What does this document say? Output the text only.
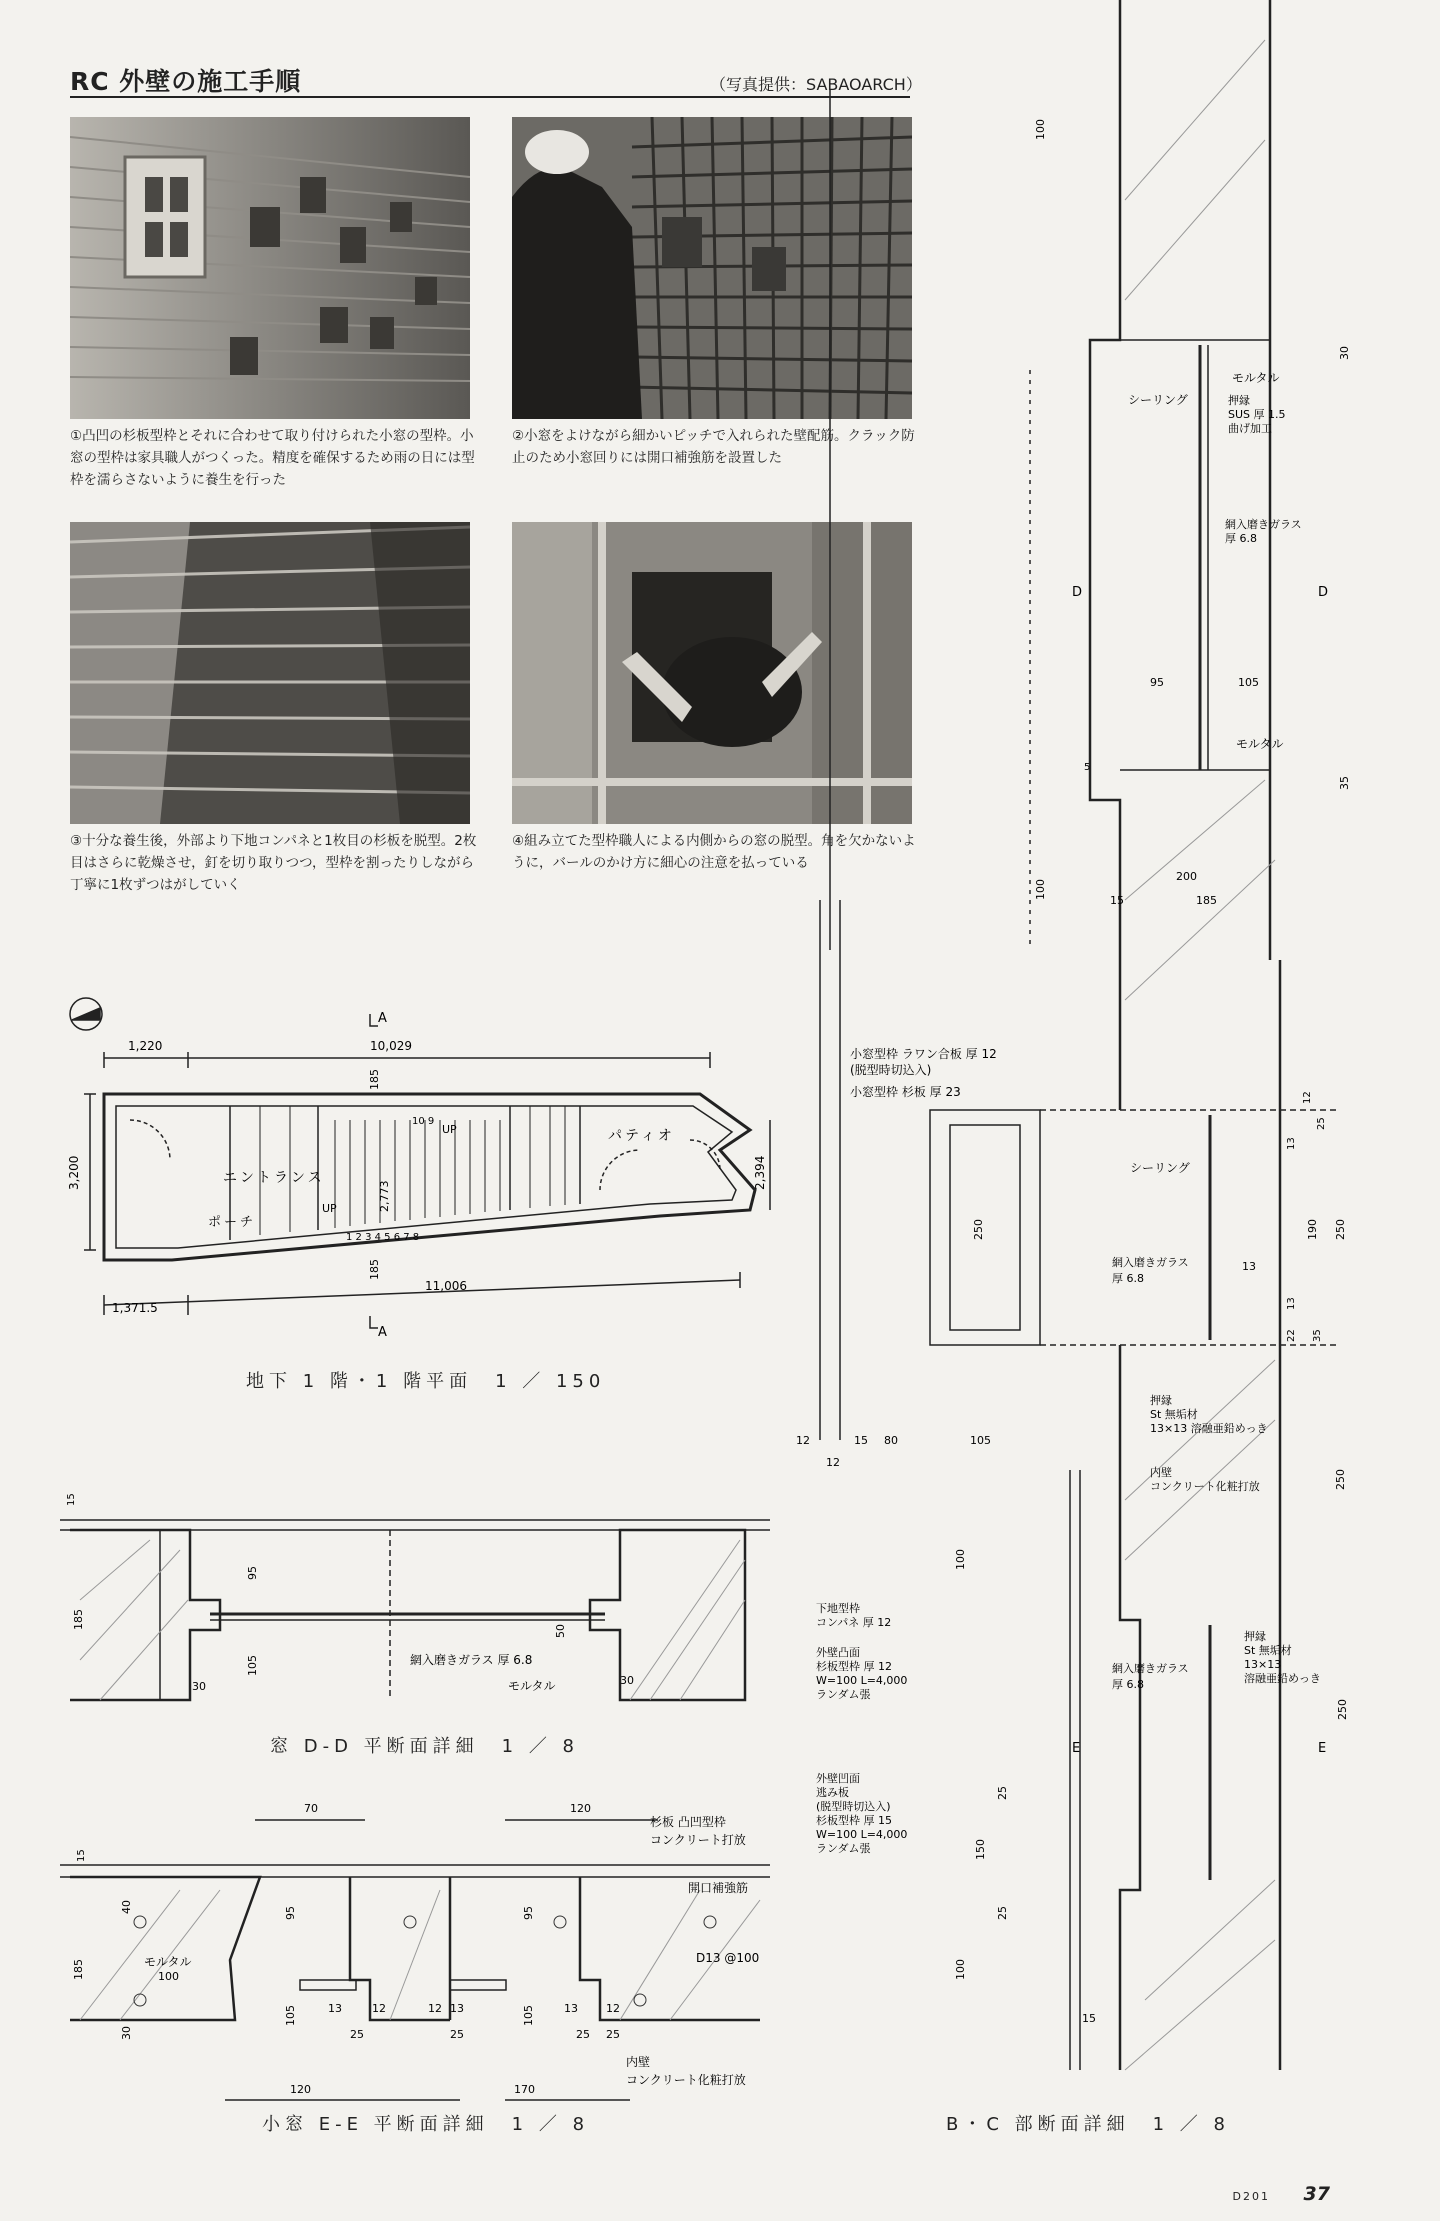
RC 外壁の施工手順	（写真提供：SABAOARCH）
①凸凹の杉板型枠とそれに合わせて取り付けられた小窓の型枠。小窓の型枠は家具職人がつくった。精度を確保するため雨の日には型枠を濡らさないように養生を行った
②小窓をよけながら細かいピッチで入れられた壁配筋。クラック防止のため小窓回りには開口補強筋を設置した
③十分な養生後，外部より下地コンパネと1枚目の杉板を脱型。2枚目はさらに乾燥させ，釘を切り取りつつ，型枠を割ったりしながら丁寧に1枚ずつはがしていく
④組み立てた型枠職人による内側からの窓の脱型。角を欠かないように，バールのかけ方に細心の注意を払っている
A
A
1,220	10,029
3,200
11,006
1,371.5
2,394
185
185
2,773
エントランス
ポーチ
パティオ
UP
UP
1 2 3 4 5 6 7 8
10 9
地下 1 階・1 階平面　1 ／ 150
15
185
95
105
50
30	30
網入磨きガラス 厚 6.8
モルタル
窓 D-D 平断面詳細　1 ／ 8
70	120
15
40
185
30
100
95	95
105	105
13	12	12 13	13	12
25	25	25 25
120	170
杉板 凸凹型枠
コンクリート打放
開口補強筋
D13 @100
モルタル
内壁
コンクリート化粧打放
小窓 E-E 平断面詳細　1 ／ 8
100
30
35
95	105
5
100
200
15	185
シーリング
モルタル
押縁
SUS 厚 1.5
曲げ加工
網入磨きガラス
厚 6.8
モルタル
D	D
小窓型枠 ラワン合板 厚 12
(脱型時切込入)
小窓型枠 杉板 厚 23
250
12	15 80	105
12
シーリング
網入磨きガラス
厚 6.8
13
12
25
13
190 250
13
22 35
250
押縁
St 無垢材
13×13 溶融亜鉛めっき
内壁
コンクリート化粧打放
下地型枠
コンパネ 厚 12
外壁凸面
杉板型枠 厚 12
W=100 L=4,000
ランダム張
外壁凹面
逃み板
(脱型時切込入)
杉板型枠 厚 15
W=100 L=4,000
ランダム張
100
25
150
25
100
15
250
網入磨きガラス
厚 6.8
押縁
St 無垢材
13×13
溶融亜鉛めっき
E	E
B・C 部断面詳細　1 ／ 8
D201 37
